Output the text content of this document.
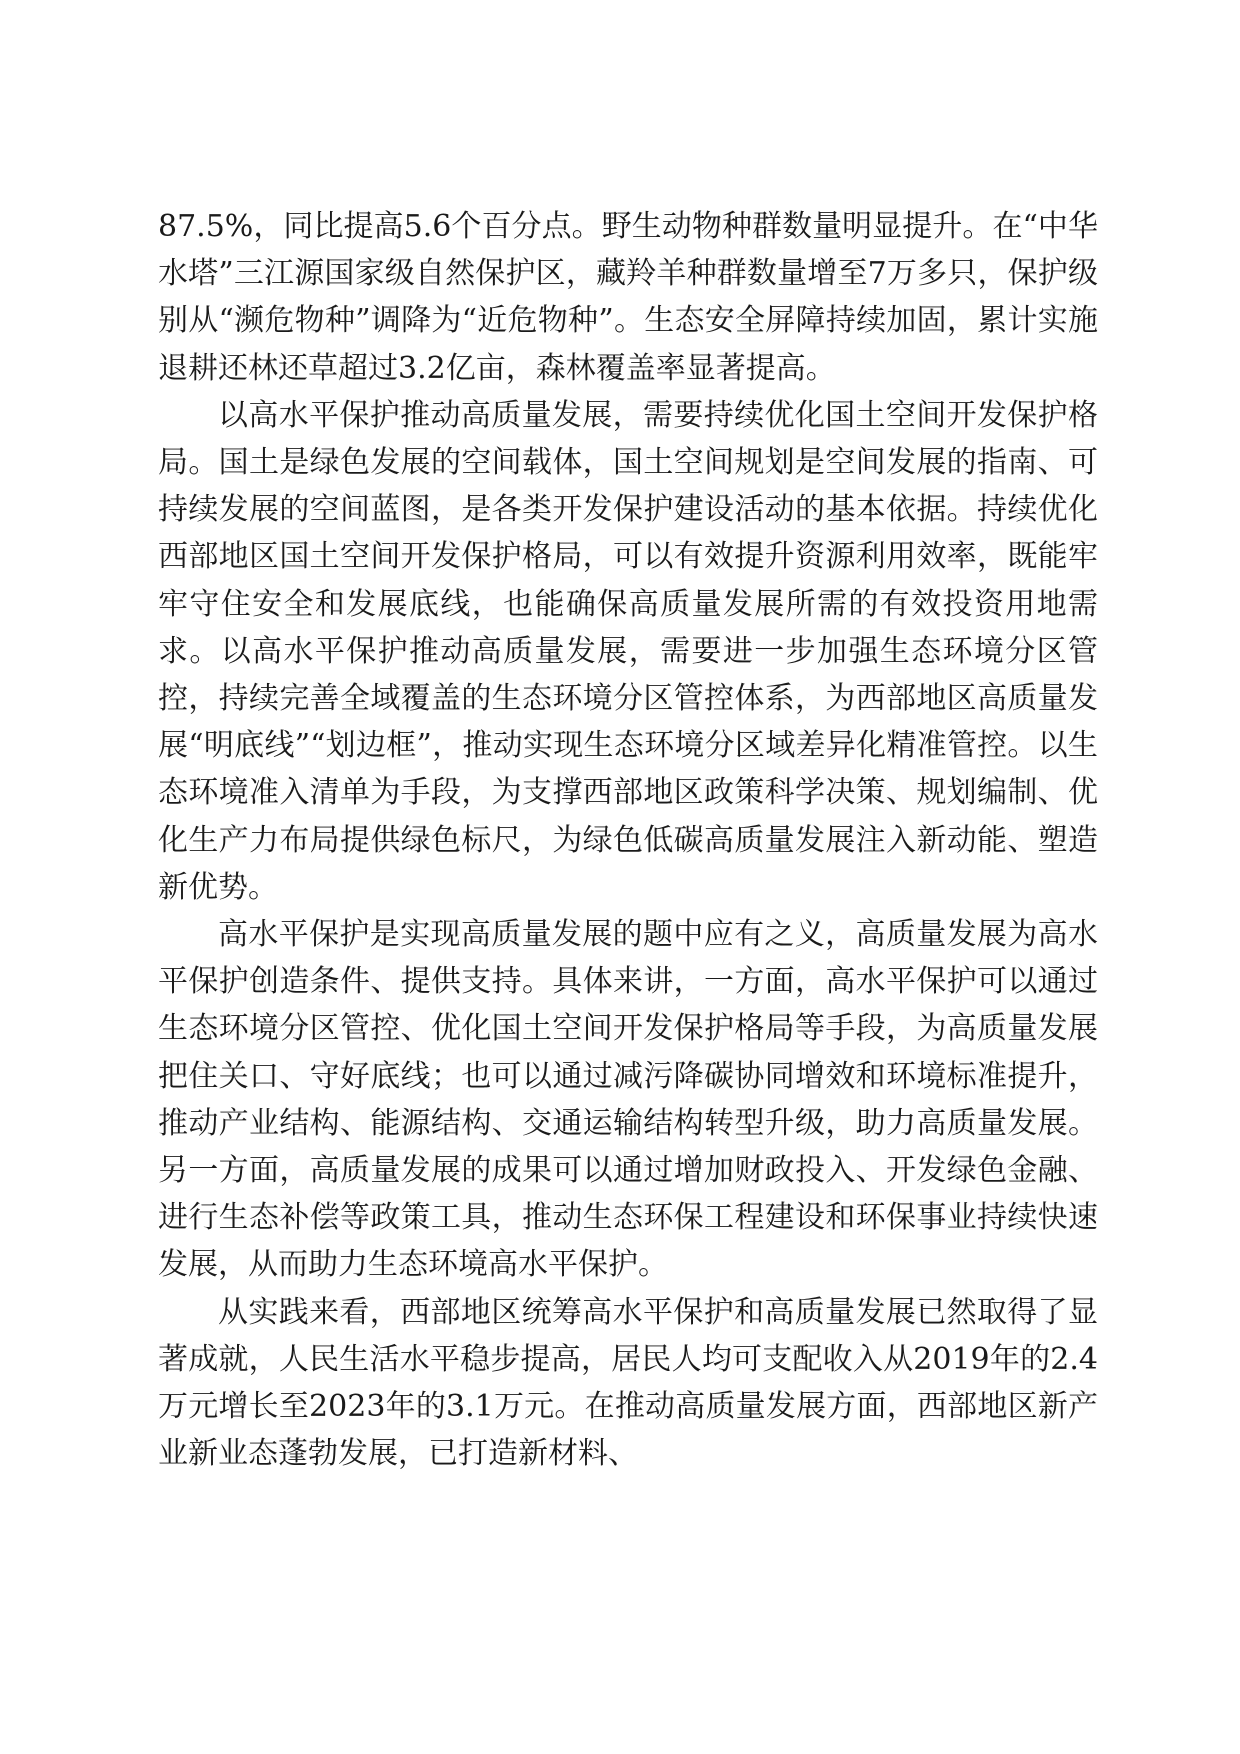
87.5%，同比提高5.6个百分点。野生动物种群数量明显提升。在“中华水塔”三江源国家级自然保护区，藏羚羊种群数量增至7万多只，保护级别从“濒危物种”调降为“近危物种”。生态安全屏障持续加固，累计实施退耕还林还草超过3.2亿亩，森林覆盖率显著提高。

以高水平保护推动高质量发展，需要持续优化国土空间开发保护格局。国土是绿色发展的空间载体，国土空间规划是空间发展的指南、可持续发展的空间蓝图，是各类开发保护建设活动的基本依据。持续优化西部地区国土空间开发保护格局，可以有效提升资源利用效率，既能牢牢守住安全和发展底线，也能确保高质量发展所需的有效投资用地需求。以高水平保护推动高质量发展，需要进一步加强生态环境分区管控，持续完善全域覆盖的生态环境分区管控体系，为西部地区高质量发展“明底线”“划边框”，推动实现生态环境分区域差异化精准管控。以生态环境准入清单为手段，为支撑西部地区政策科学决策、规划编制、优化生产力布局提供绿色标尺，为绿色低碳高质量发展注入新动能、塑造新优势。

高水平保护是实现高质量发展的题中应有之义，高质量发展为高水平保护创造条件、提供支持。具体来讲，一方面，高水平保护可以通过生态环境分区管控、优化国土空间开发保护格局等手段，为高质量发展把住关口、守好底线；也可以通过减污降碳协同增效和环境标准提升，推动产业结构、能源结构、交通运输结构转型升级，助力高质量发展。另一方面，高质量发展的成果可以通过增加财政投入、开发绿色金融、进行生态补偿等政策工具，推动生态环保工程建设和环保事业持续快速发展，从而助力生态环境高水平保护。

从实践来看，西部地区统筹高水平保护和高质量发展已然取得了显著成就，人民生活水平稳步提高，居民人均可支配收入从2019年的2.4万元增长至2023年的3.1万元。在推动高质量发展方面，西部地区新产业新业态蓬勃发展，已打造新材料、
